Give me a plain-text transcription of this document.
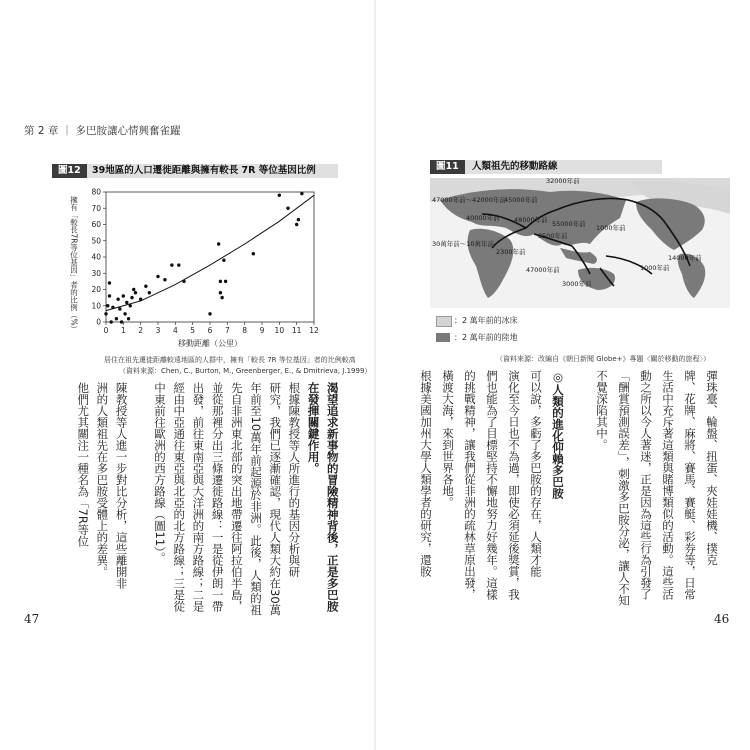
第 2 章 ｜ 多巴胺讓心情興奮雀躍
圖12	39地區的人口遷徙距離與擁有較長 7R 等位基因比例
0 1 2 3 4 5 6 7 8 9 10 11 12
0
10
20
30
40
50
60
70
80
移動距離（公里）
擁有「較長7R等位基因」者的比例（%）
居住在祖先遷徙距離較遠地區的人群中，擁有「較長 7R 等位基因」者的比例較高
（資料來源：Chen, C., Burton, M., Greenberger, E., & Dmitrieva, J.1999）
渴望追求新事物的冒險精神背後，正是多巴胺
在發揮關鍵作用。
根據陳教授等人所進行的基因分析與研
研究，我們已逐漸確認，現代人類大約在30萬
年前至10萬年前起源於非洲。此後，人類的祖
先自非洲東北部的突出地帶遷往阿拉伯半島，
並從那裡分出三條遷徙路線：一是從伊朗一帶
出發，前往東南亞與大洋洲的南方路線；二是
經由中亞通往東亞與北亞的北方路線；三是從
中東前往歐洲的西方路線（圖11）。
陳教授等人進一步對比分析，這些離開非
洲的人類祖先在多巴胺受體上的差異。
他們尤其關注一種名為「7R等位
47
圖11	人類祖先的移動路線
32000年前
47000年前～42000年前
45000年前
40000年前 48000年前 55000年前
30萬年前～10萬年前
2300年前
3500年前
1000年前
47000年前
3000年前
1000年前
14000年前
：2 萬年前的冰床
：2 萬年前的陸地
（資料來源：改編自《朝日新聞 Globe+》專題〈關於移動的旅程〉）
彈珠臺、輪盤、扭蛋、夾娃娃機、撲克
牌、花牌、麻將、賽馬、賽艇、彩券等，日常
生活中充斥著這類與賭博類似的活動。這些活
動之所以今人著迷，正是因為這些行為引發了
「酬賞預測誤差」，刺激多巴胺分泌，讓人不知
不覺深陷其中。
◎人類的進化仰賴多巴胺
可以說，多虧了多巴胺的存在，人類才能
演化至今日也不為過，即使必須延後獎賞，我
們也能為了目標堅持不懈地努力好幾年。這樣
的挑戰精神，讓我們從非洲的疏林草原出發，
橫渡大海，來到世界各地。
根據美國加州大學人類學者的研究，還胺
46
